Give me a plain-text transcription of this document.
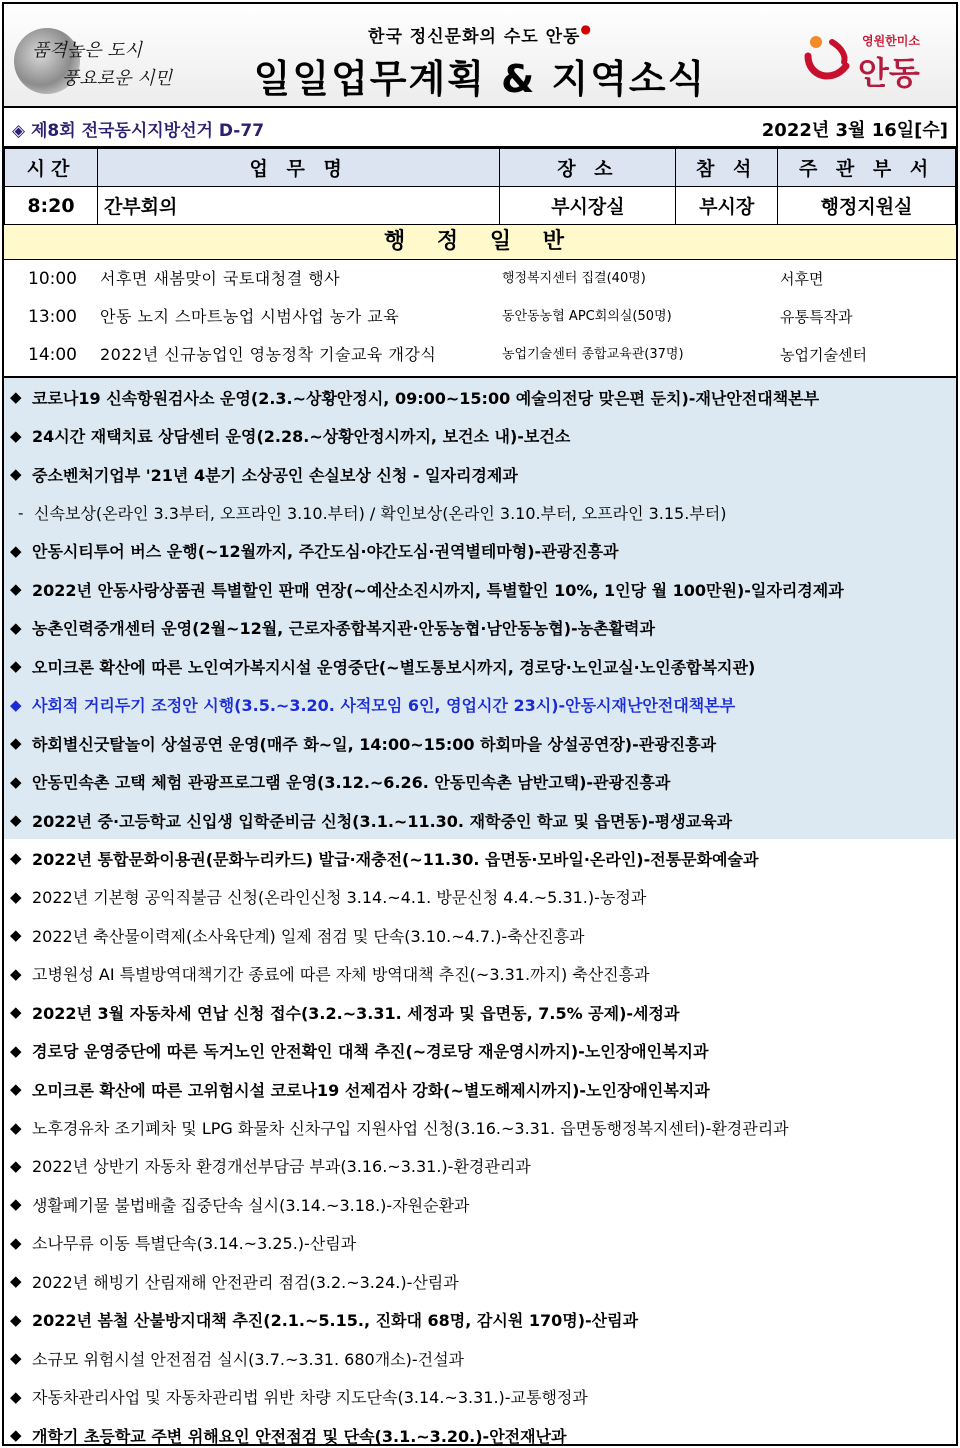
품격높은 도시
풍요로운 시민
한국 정신문화의 수도 안동●
일일업무계획 & 지역소식
영원한미소
안동
◈ 제8회 전국동시지방선거 D-77	2022년 3월 16일[수]
시간	업 무 명	장 소	참 석	주 관 부 서
8:20	간부회의	부시장실	부시장	행정지원실
행 정 일 반
10:00 서후면 새봄맞이 국토대청결 행사	행정복지센터 집결(40명)	서후면
13:00 안동 노지 스마트농업 시범사업 농가 교육	동안동농협 APC회의실(50명)	유통특작과
14:00 2022년 신규농업인 영농정착 기술교육 개강식	농업기술센터 종합교육관(37명)	농업기술센터
◆ 코로나19 신속항원검사소 운영(2.3.~상황안정시, 09:00~15:00 예술의전당 맞은편 둔치)-재난안전대책본부
◆ 24시간 재택치료 상담센터 운영(2.28.~상황안정시까지, 보건소 내)-보건소
◆ 중소벤처기업부 '21년 4분기 소상공인 손실보상 신청 - 일자리경제과
- 신속보상(온라인 3.3부터, 오프라인 3.10.부터) / 확인보상(온라인 3.10.부터, 오프라인 3.15.부터)
◆ 안동시티투어 버스 운행(~12월까지, 주간도심·야간도심·권역별테마형)-관광진흥과
◆ 2022년 안동사랑상품권 특별할인 판매 연장(~예산소진시까지, 특별할인 10%, 1인당 월 100만원)-일자리경제과
◆ 농촌인력중개센터 운영(2월~12월, 근로자종합복지관·안동농협·남안동농협)-농촌활력과
◆ 오미크론 확산에 따른 노인여가복지시설 운영중단(~별도통보시까지, 경로당·노인교실·노인종합복지관)
◆ 사회적 거리두기 조정안 시행(3.5.~3.20. 사적모임 6인, 영업시간 23시)-안동시재난안전대책본부
◆ 하회별신굿탈놀이 상설공연 운영(매주 화~일, 14:00~15:00 하회마을 상설공연장)-관광진흥과
◆ 안동민속촌 고택 체험 관광프로그램 운영(3.12.~6.26. 안동민속촌 남반고택)-관광진흥과
◆ 2022년 중·고등학교 신입생 입학준비금 신청(3.1.~11.30. 재학중인 학교 및 읍면동)-평생교육과
◆ 2022년 통합문화이용권(문화누리카드) 발급·재충전(~11.30. 읍면동·모바일·온라인)-전통문화예술과
◆ 2022년 기본형 공익직불금 신청(온라인신청 3.14.~4.1. 방문신청 4.4.~5.31.)-농정과
◆ 2022년 축산물이력제(소사육단계) 일제 점검 및 단속(3.10.~4.7.)-축산진흥과
◆ 고병원성 AI 특별방역대책기간 종료에 따른 자체 방역대책 추진(~3.31.까지) 축산진흥과
◆ 2022년 3월 자동차세 연납 신청 접수(3.2.~3.31. 세정과 및 읍면동, 7.5% 공제)-세정과
◆ 경로당 운영중단에 따른 독거노인 안전확인 대책 추진(~경로당 재운영시까지)-노인장애인복지과
◆ 오미크론 확산에 따른 고위험시설 코로나19 선제검사 강화(~별도해제시까지)-노인장애인복지과
◆ 노후경유차 조기폐차 및 LPG 화물차 신차구입 지원사업 신청(3.16.~3.31. 읍면동행정복지센터)-환경관리과
◆ 2022년 상반기 자동차 환경개선부담금 부과(3.16.~3.31.)-환경관리과
◆ 생활폐기물 불법배출 집중단속 실시(3.14.~3.18.)-자원순환과
◆ 소나무류 이동 특별단속(3.14.~3.25.)-산림과
◆ 2022년 해빙기 산림재해 안전관리 점검(3.2.~3.24.)-산림과
◆ 2022년 봄철 산불방지대책 추진(2.1.~5.15., 진화대 68명, 감시원 170명)-산림과
◆ 소규모 위험시설 안전점검 실시(3.7.~3.31. 680개소)-건설과
◆ 자동차관리사업 및 자동차관리법 위반 차량 지도단속(3.14.~3.31.)-교통행정과
◆ 개학기 초등학교 주변 위해요인 안전점검 및 단속(3.1.~3.20.)-안전재난과
